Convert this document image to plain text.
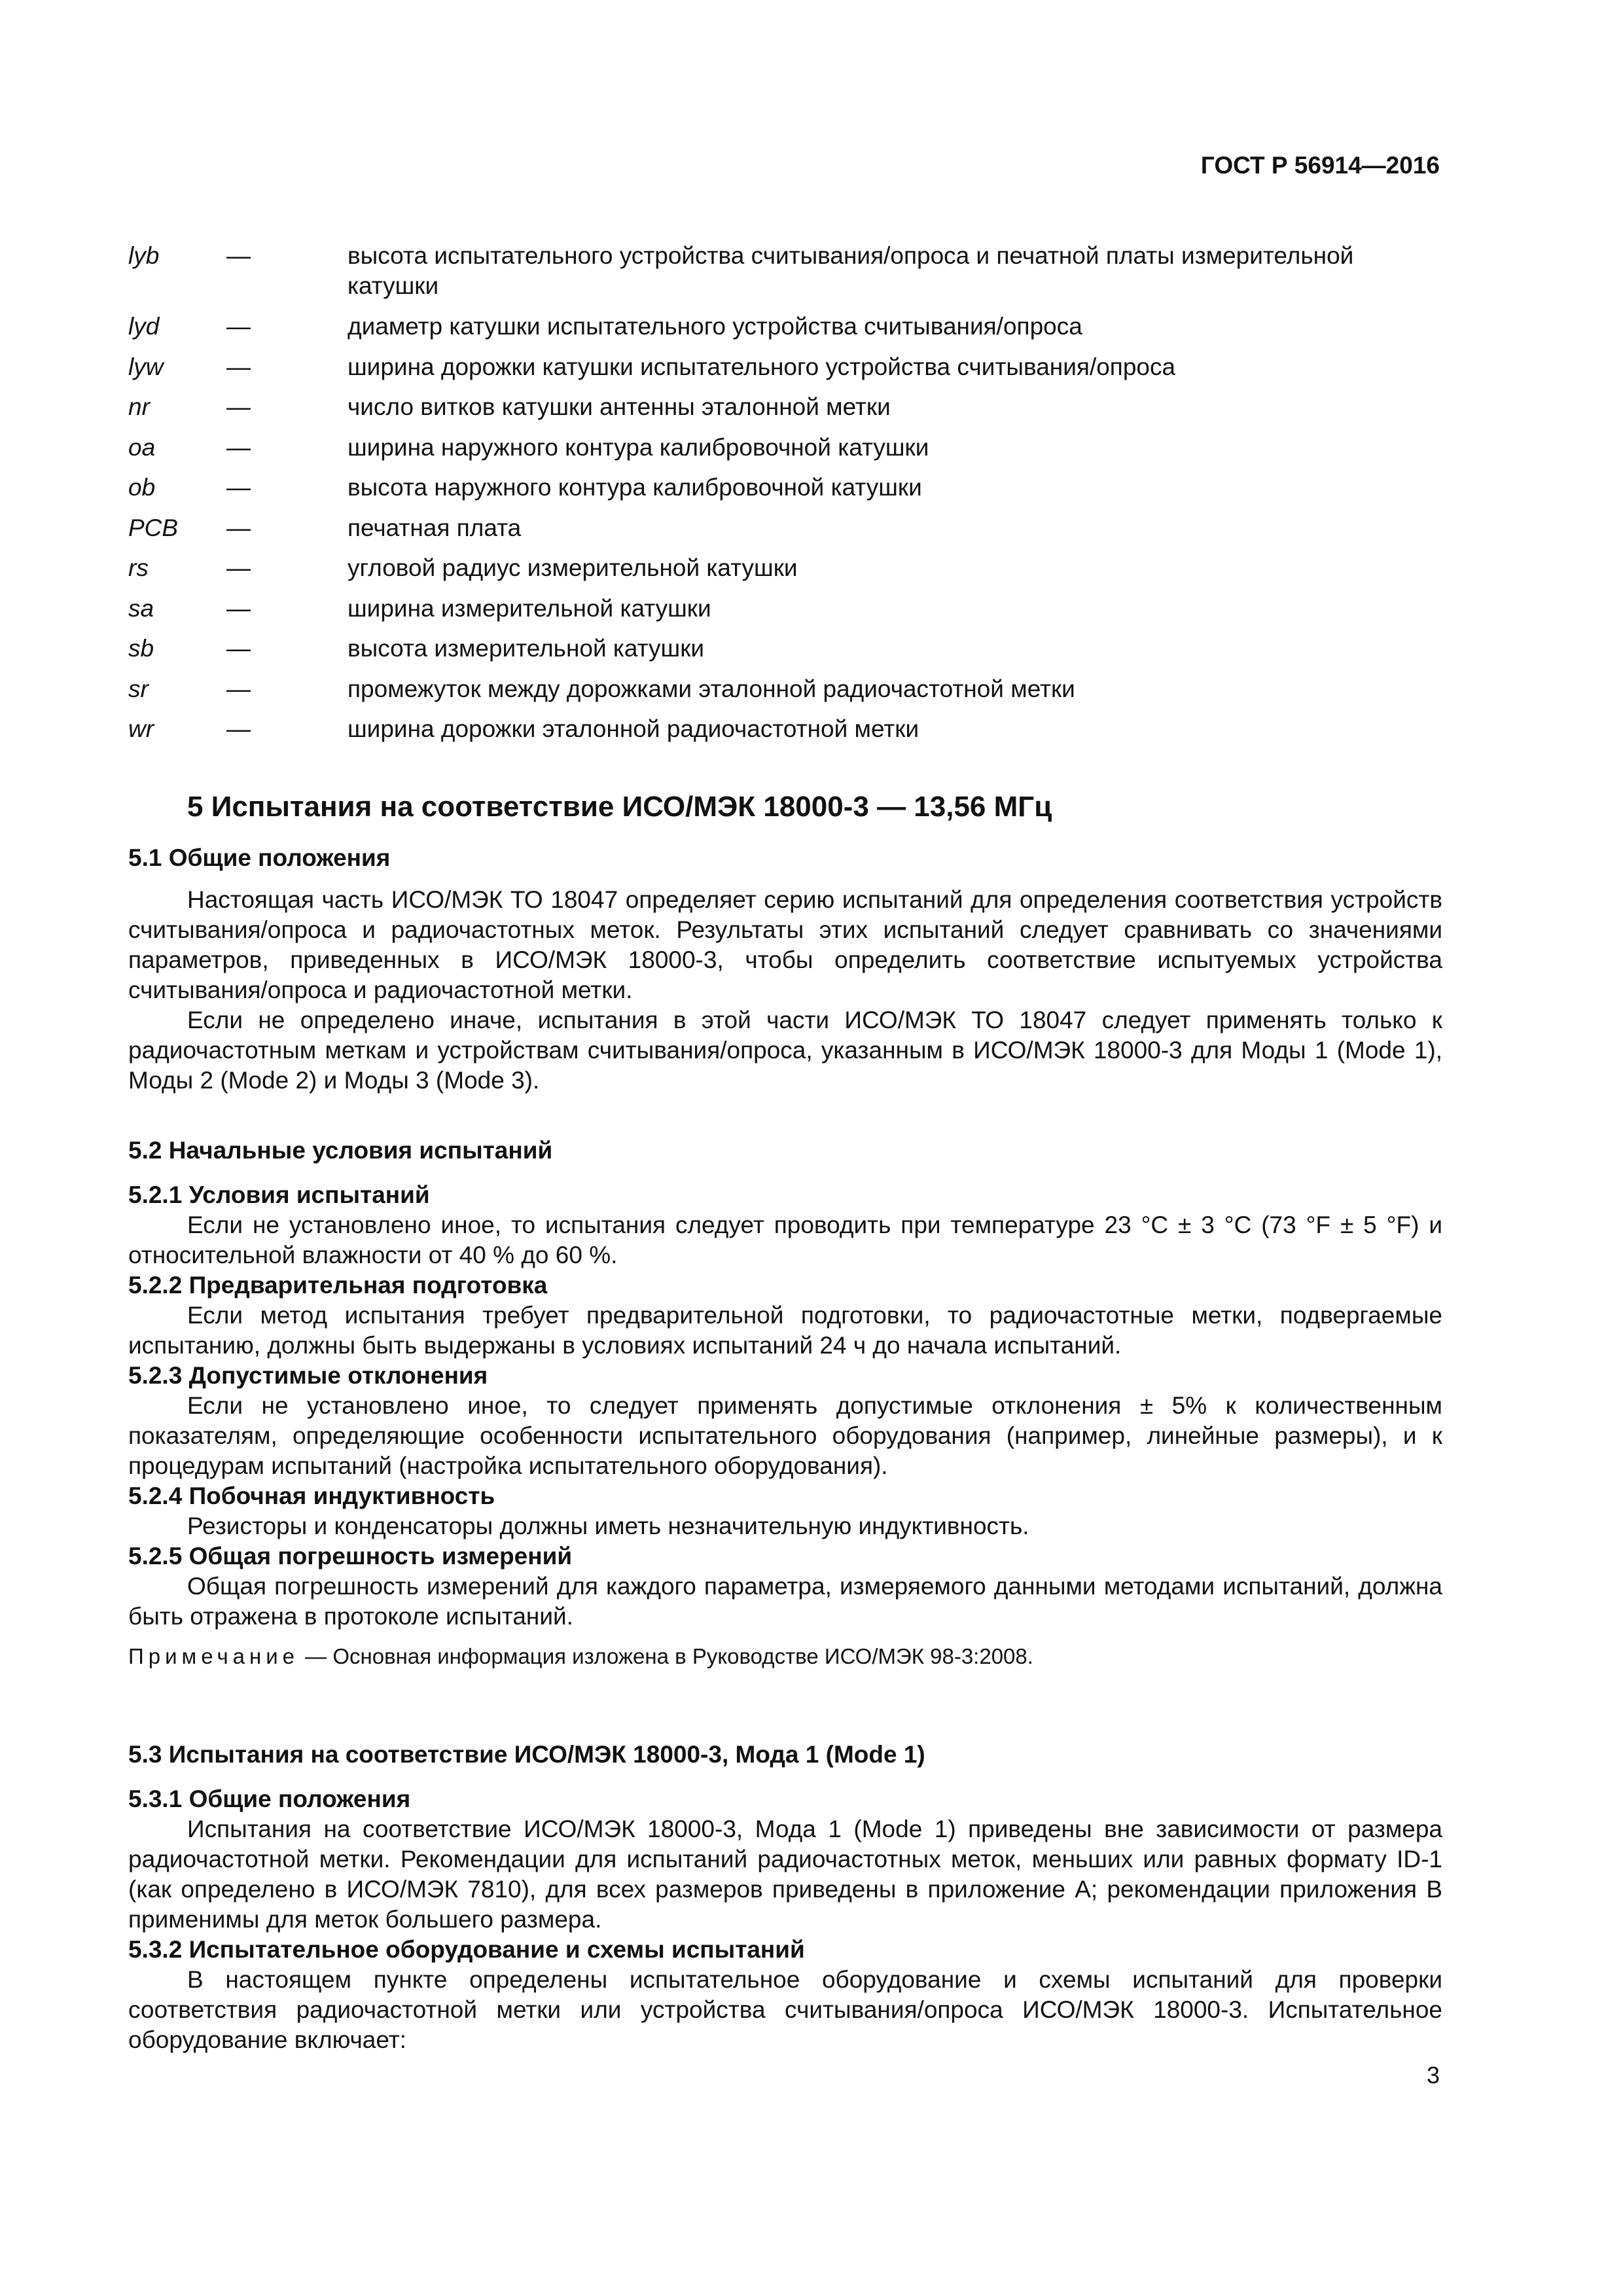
ГОСТ Р 56914—2016
lyb	—	высота испытательного устройства считывания/опроса и печатной платы измерительной катушки
lyd	—	диаметр катушки испытательного устройства считывания/опроса
lyw	—	ширина дорожки катушки испытательного устройства считывания/опроса
nr	—	число витков катушки антенны эталонной метки
oa	—	ширина наружного контура калибровочной катушки
ob	—	высота наружного контура калибровочной катушки
PCB	—	печатная плата
rs	—	угловой радиус измерительной катушки
sa	—	ширина измерительной катушки
sb	—	высота измерительной катушки
sr	—	промежуток между дорожками эталонной радиочастотной метки
wr	—	ширина дорожки эталонной радиочастотной метки
5 Испытания на соответствие ИСО/МЭК 18000-3 — 13,56 МГц

5.1 Общие положения

Настоящая часть ИСО/МЭК ТО 18047 определяет серию испытаний для определения соответствия устройств считывания/опроса и радиочастотных меток. Результаты этих испытаний следует сравнивать со значениями параметров, приведенных в ИСО/МЭК 18000-3, чтобы определить соответствие испытуемых устройства считывания/опроса и радиочастотной метки.

Если не определено иначе, испытания в этой части ИСО/МЭК ТО 18047 следует применять только к радиочастотным меткам и устройствам считывания/опроса, указанным в ИСО/МЭК 18000-3 для Моды 1 (Mode 1), Моды 2 (Mode 2) и Моды 3 (Mode 3).

5.2 Начальные условия испытаний

5.2.1 Условия испытаний

Если не установлено иное, то испытания следует проводить при температуре 23 °С ± 3 °С (73 °F ± 5 °F) и относительной влажности от 40 % до 60 %.

5.2.2 Предварительная подготовка

Если метод испытания требует предварительной подготовки, то радиочастотные метки, подвергаемые испытанию, должны быть выдержаны в условиях испытаний 24 ч до начала испытаний.

5.2.3 Допустимые отклонения

Если не установлено иное, то следует применять допустимые отклонения ± 5% к количественным показателям, определяющие особенности испытательного оборудования (например, линейные размеры), и к процедурам испытаний (настройка испытательного оборудования).

5.2.4 Побочная индуктивность

Резисторы и конденсаторы должны иметь незначительную индуктивность.

5.2.5 Общая погрешность измерений

Общая погрешность измерений для каждого параметра, измеряемого данными методами испытаний, должна быть отражена в протоколе испытаний.

Примечание — Основная информация изложена в Руководстве ИСО/МЭК 98-3:2008.

5.3 Испытания на соответствие ИСО/МЭК 18000-3, Мода 1 (Mode 1)

5.3.1 Общие положения

Испытания на соответствие ИСО/МЭК 18000-3, Мода 1 (Mode 1) приведены вне зависимости от размера радиочастотной метки. Рекомендации для испытаний радиочастотных меток, меньших или равных формату ID-1 (как определено в ИСО/МЭК 7810), для всех размеров приведены в приложение А; рекомендации приложения В применимы для меток большего размера.

5.3.2 Испытательное оборудование и схемы испытаний

В настоящем пункте определены испытательное оборудование и схемы испытаний для проверки соответствия радиочастотной метки или устройства считывания/опроса ИСО/МЭК 18000-3. Испытательное оборудование включает:

3
